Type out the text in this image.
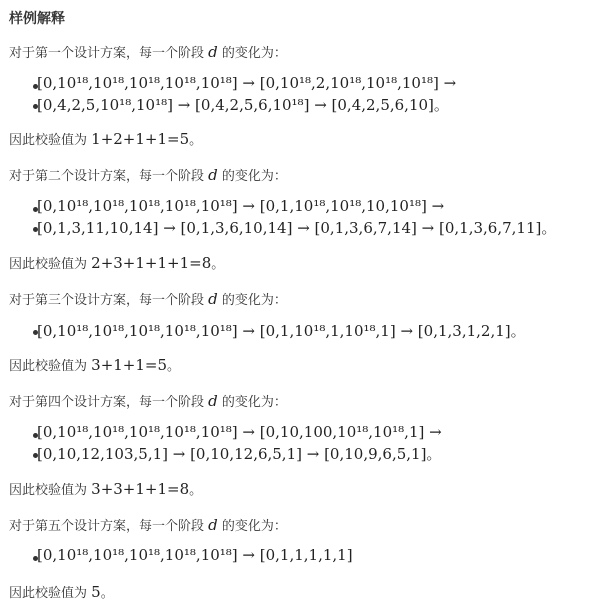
样例解释
对于第一个设计方案，每一个阶段 d 的变化为：
[0,10¹⁸,10¹⁸,10¹⁸,10¹⁸,10¹⁸] → [0,10¹⁸,2,10¹⁸,10¹⁸,10¹⁸] →
[0,4,2,5,10¹⁸,10¹⁸] → [0,4,2,5,6,10¹⁸] → [0,4,2,5,6,10]。
因此校验值为 1+2+1+1=5。
对于第二个设计方案，每一个阶段 d 的变化为：
[0,10¹⁸,10¹⁸,10¹⁸,10¹⁸,10¹⁸] → [0,1,10¹⁸,10¹⁸,10,10¹⁸] →
[0,1,3,11,10,14] → [0,1,3,6,10,14] → [0,1,3,6,7,14] → [0,1,3,6,7,11]。
因此校验值为 2+3+1+1+1=8。
对于第三个设计方案，每一个阶段 d 的变化为：
[0,10¹⁸,10¹⁸,10¹⁸,10¹⁸,10¹⁸] → [0,1,10¹⁸,1,10¹⁸,1] → [0,1,3,1,2,1]。
因此校验值为 3+1+1=5。
对于第四个设计方案，每一个阶段 d 的变化为：
[0,10¹⁸,10¹⁸,10¹⁸,10¹⁸,10¹⁸] → [0,10,100,10¹⁸,10¹⁸,1] →
[0,10,12,103,5,1] → [0,10,12,6,5,1] → [0,10,9,6,5,1]。
因此校验值为 3+3+1+1=8。
对于第五个设计方案，每一个阶段 d 的变化为：
[0,10¹⁸,10¹⁸,10¹⁸,10¹⁸,10¹⁸] → [0,1,1,1,1,1]
因此校验值为 5。
